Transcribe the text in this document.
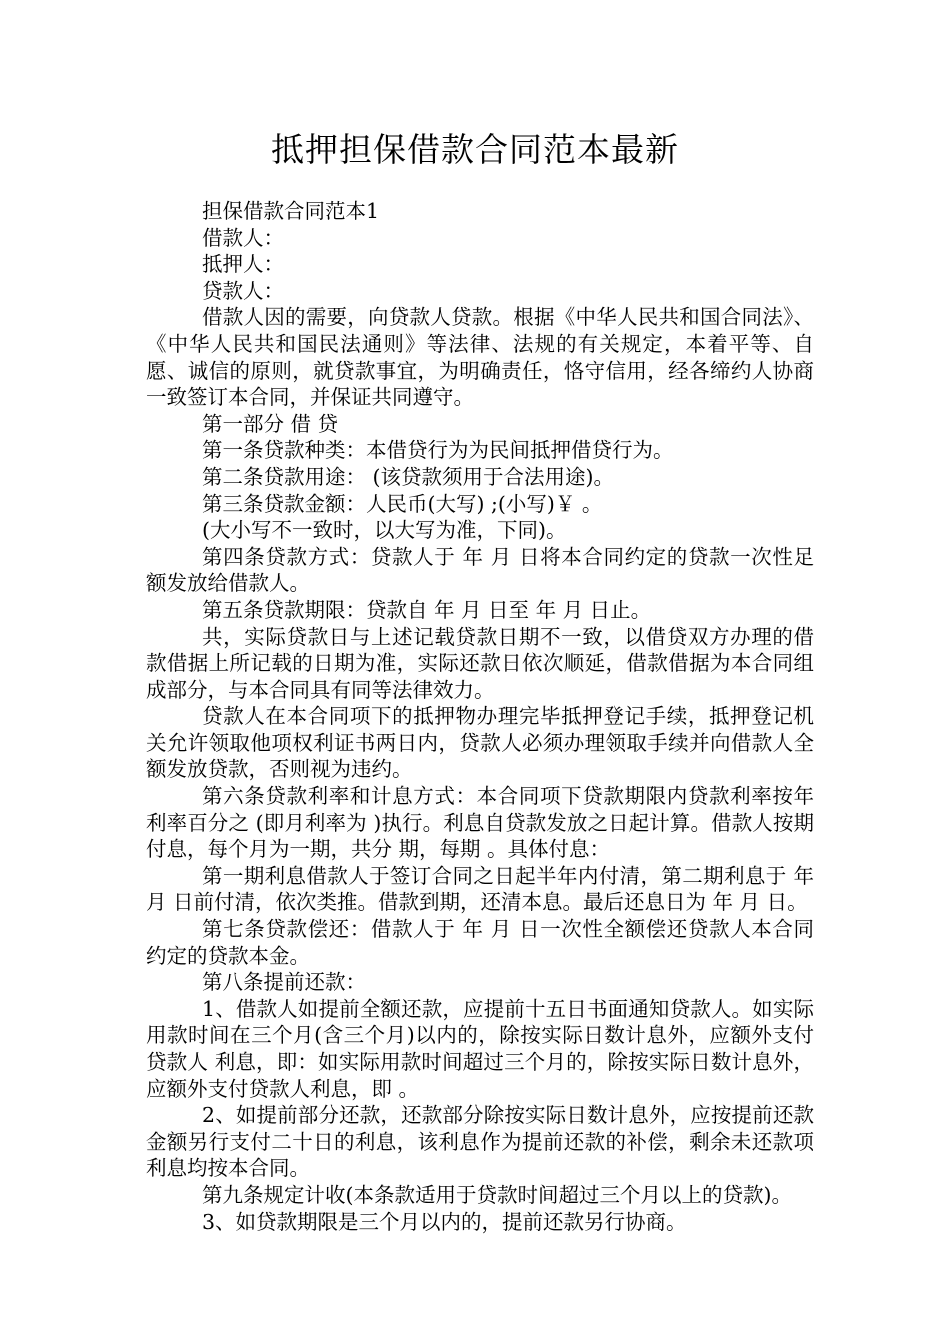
抵押担保借款合同范本最新

担保借款合同范本1

借款人：

抵押人：

贷款人：

借款人因的需要，向贷款人贷款。根据《中华人民共和国合同法》、《中华人民共和国民法通则》等法律、法规的有关规定，本着平等、自愿、诚信的原则，就贷款事宜，为明确责任，恪守信用，经各缔约人协商一致签订本合同，并保证共同遵守。

第一部分 借 贷

第一条贷款种类：本借贷行为为民间抵押借贷行为。

第二条贷款用途： (该贷款须用于合法用途)。

第三条贷款金额：人民币(大写) ;(小写)￥ 。

(大小写不一致时，以大写为准，下同)。

第四条贷款方式：贷款人于 年 月 日将本合同约定的贷款一次性足额发放给借款人。

第五条贷款期限：贷款自 年 月 日至 年 月 日止。

共，实际贷款日与上述记载贷款日期不一致，以借贷双方办理的借款借据上所记载的日期为准，实际还款日依次顺延，借款借据为本合同组成部分，与本合同具有同等法律效力。

贷款人在本合同项下的抵押物办理完毕抵押登记手续，抵押登记机关允许领取他项权利证书两日内，贷款人必须办理领取手续并向借款人全额发放贷款，否则视为违约。

第六条贷款利率和计息方式：本合同项下贷款期限内贷款利率按年利率百分之 (即月利率为 )执行。利息自贷款发放之日起计算。借款人按期付息，每个月为一期，共分 期，每期 。具体付息：

第一期利息借款人于签订合同之日起半年内付清，第二期利息于 年 月 日前付清，依次类推。借款到期，还清本息。最后还息日为 年 月 日。

第七条贷款偿还：借款人于 年 月 日一次性全额偿还贷款人本合同约定的贷款本金。

第八条提前还款：

1、借款人如提前全额还款，应提前十五日书面通知贷款人。如实际用款时间在三个月(含三个月)以内的，除按实际日数计息外，应额外支付贷款人 利息，即：如实际用款时间超过三个月的，除按实际日数计息外，应额外支付贷款人利息，即 。

2、如提前部分还款，还款部分除按实际日数计息外，应按提前还款金额另行支付二十日的利息，该利息作为提前还款的补偿，剩余未还款项利息均按本合同。

第九条规定计收(本条款适用于贷款时间超过三个月以上的贷款)。

3、如贷款期限是三个月以内的，提前还款另行协商。
